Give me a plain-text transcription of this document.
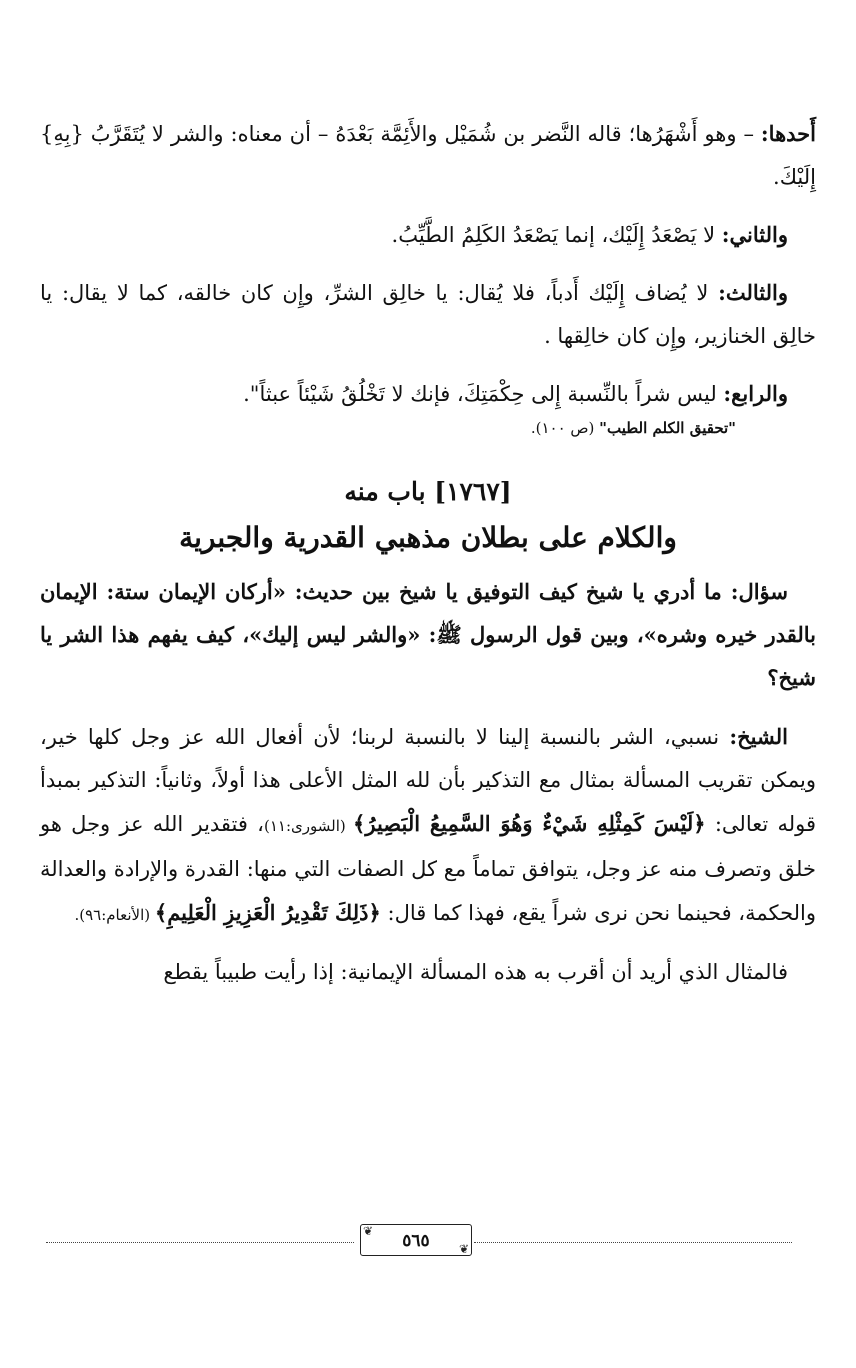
أَحدها: – وهو أَشْهَرُها؛ قاله النَّضر بن شُمَيْل والأَئِمَّة بَعْدَهُ – أن معناه: والشر لا يُتَقَرَّبُ {بِهِ} إِلَيْكَ.

والثاني: لا يَصْعَدُ إِلَيْك، إنما يَصْعَدُ الكَلِمُ الطَّيِّبُ.

والثالث: لا يُضاف إِلَيْك أَدباً، فلا يُقال: يا خالِق الشرِّ، وإِن كان خالقه، كما لا يقال: يا خالِق الخنازير، وإِن كان خالِقها .

والرابع: ليس شراً بالنِّسبة إِلى حِكْمَتِكَ، فإنك لا تَخْلُقُ شَيْئاً عبثاً".

"تحقيق الكلم الطيب" (ص ١٠٠).

[١٧٦٧] باب منه
والكلام على بطلان مذهبي القدرية والجبرية

سؤال: ما أدري يا شيخ كيف التوفيق يا شيخ بين حديث: «أركان الإيمان ستة: الإيمان بالقدر خيره وشره»، وبين قول الرسول ﷺ: «والشر ليس إليك»، كيف يفهم هذا الشر يا شيخ؟

الشيخ: نسبي، الشر بالنسبة إلينا لا بالنسبة لربنا؛ لأن أفعال الله عز وجل كلها خير، ويمكن تقريب المسألة بمثال مع التذكير بأن لله المثل الأعلى هذا أولاً، وثانياً: التذكير بمبدأ قوله تعالى: ﴿لَيْسَ كَمِثْلِهِ شَيْءٌ وَهُوَ السَّمِيعُ الْبَصِيرُ﴾ (الشورى:١١)، فتقدير الله عز وجل هو خلق وتصرف منه عز وجل، يتوافق تماماً مع كل الصفات التي منها: القدرة والإرادة والعدالة والحكمة، فحينما نحن نرى شراً يقع، فهذا كما قال: ﴿ذَلِكَ تَقْدِيرُ الْعَزِيزِ الْعَلِيمِ﴾ (الأنعام:٩٦).

فالمثال الذي أريد أن أقرب به هذه المسألة الإيمانية: إذا رأيت طبيباً يقطع

❦
❦
٥٦٥
